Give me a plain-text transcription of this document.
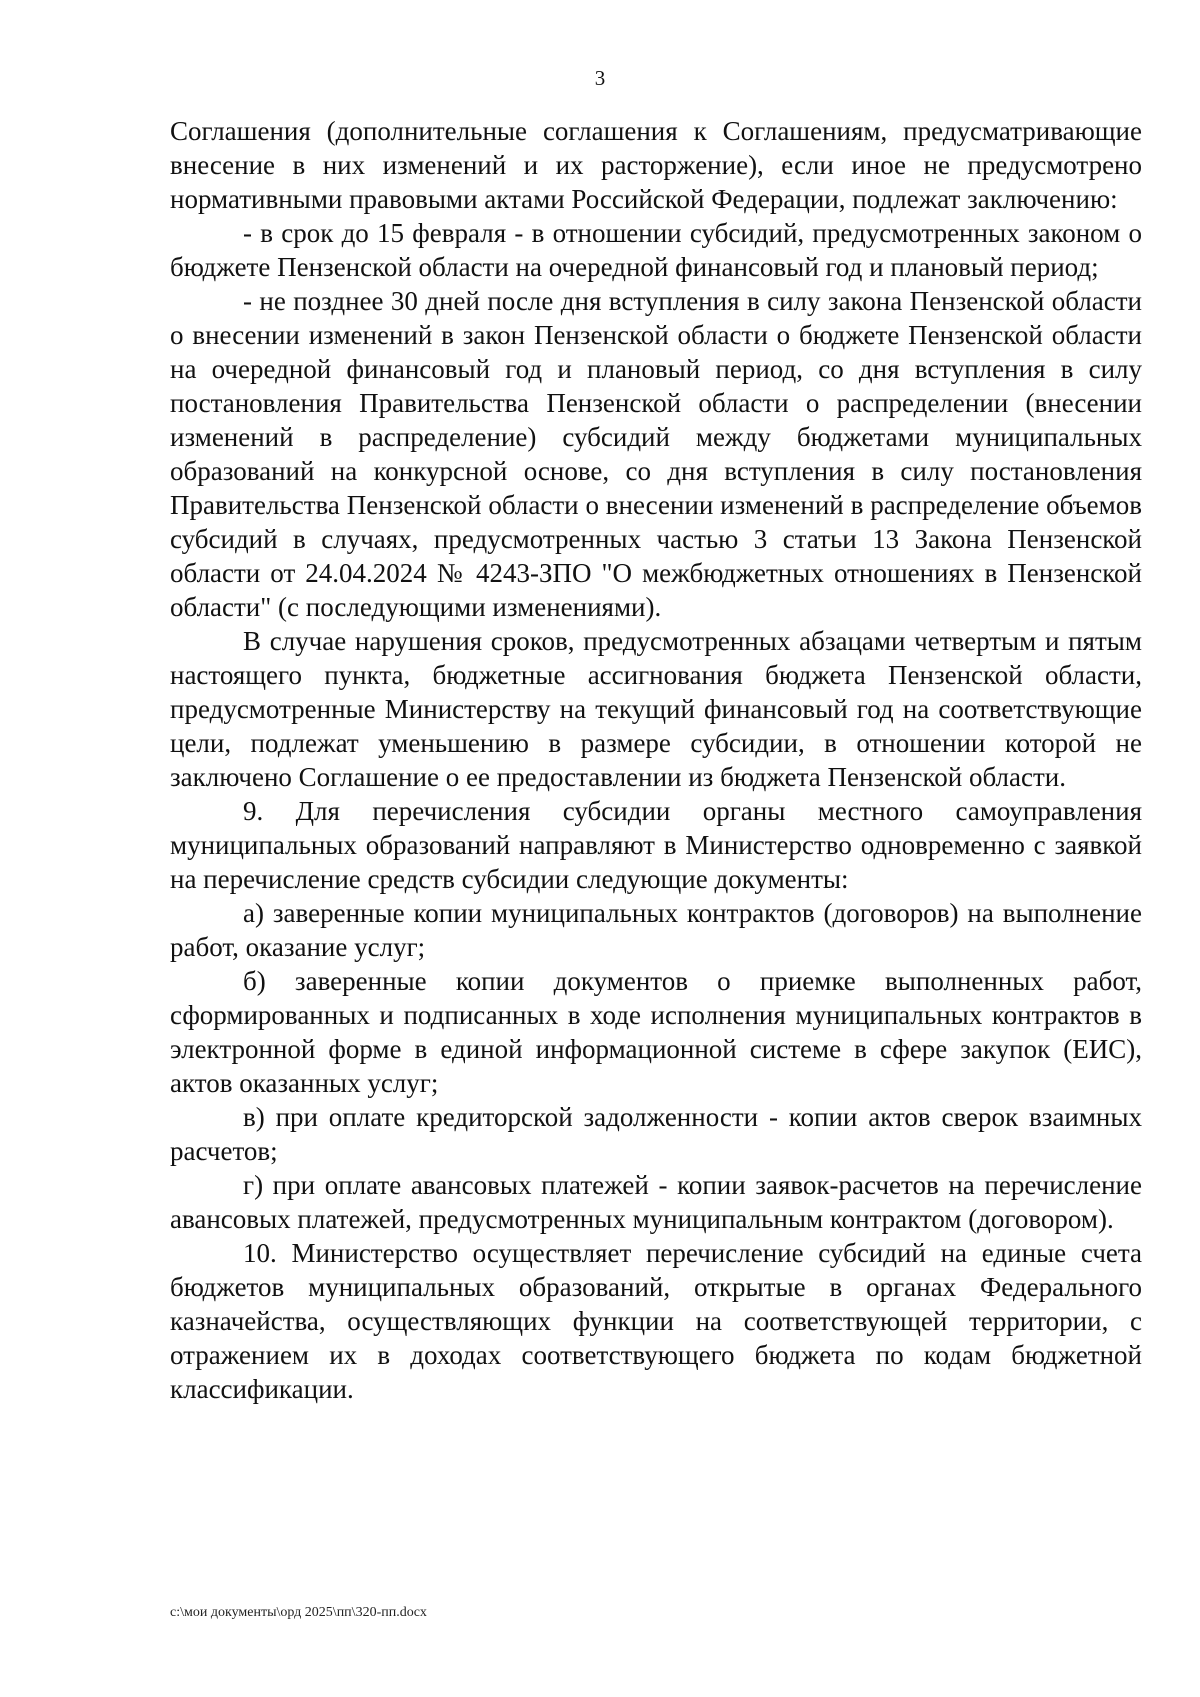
3

Соглашения (дополнительные соглашения к Соглашениям, предусматривающие внесение в них изменений и их расторжение), если иное не предусмотрено нормативными правовыми актами Российской Федерации, подлежат заключению:

- в срок до 15 февраля - в отношении субсидий, предусмотренных законом о бюджете Пензенской области на очередной финансовый год и плановый период;

- не позднее 30 дней после дня вступления в силу закона Пензенской области о внесении изменений в закон Пензенской области о бюджете Пензенской области на очередной финансовый год и плановый период, со дня вступления в силу постановления Правительства Пензенской области о распределении (внесении изменений в распределение) субсидий между бюджетами муниципальных образований на конкурсной основе, со дня вступления в силу постановления Правительства Пензенской области о внесении изменений в распределение объемов субсидий в случаях, предусмотренных частью 3 статьи 13 Закона Пензенской области от 24.04.2024 № 4243-ЗПО "О межбюджетных отношениях в Пензенской области" (с последующими изменениями).

В случае нарушения сроков, предусмотренных абзацами четвертым и пятым настоящего пункта, бюджетные ассигнования бюджета Пензенской области, предусмотренные Министерству на текущий финансовый год на соответствующие цели, подлежат уменьшению в размере субсидии, в отношении которой не заключено Соглашение о ее предоставлении из бюджета Пензенской области.

9. Для перечисления субсидии органы местного самоуправления муниципальных образований направляют в Министерство одновременно с заявкой на перечисление средств субсидии следующие документы:

а) заверенные копии муниципальных контрактов (договоров) на выполнение работ, оказание услуг;

б) заверенные копии документов о приемке выполненных работ, сформированных и подписанных в ходе исполнения муниципальных контрактов в электронной форме в единой информационной системе в сфере закупок (ЕИС), актов оказанных услуг;

в) при оплате кредиторской задолженности - копии актов сверок взаимных расчетов;

г) при оплате авансовых платежей - копии заявок-расчетов на перечисление авансовых платежей, предусмотренных муниципальным контрактом (договором).

10. Министерство осуществляет перечисление субсидий на единые счета бюджетов муниципальных образований, открытые в органах Федерального казначейства, осуществляющих функции на соответствующей территории, с отражением их в доходах соответствующего бюджета по кодам бюджетной классификации.

c:\мои документы\орд 2025\пп\320-пп.docx
